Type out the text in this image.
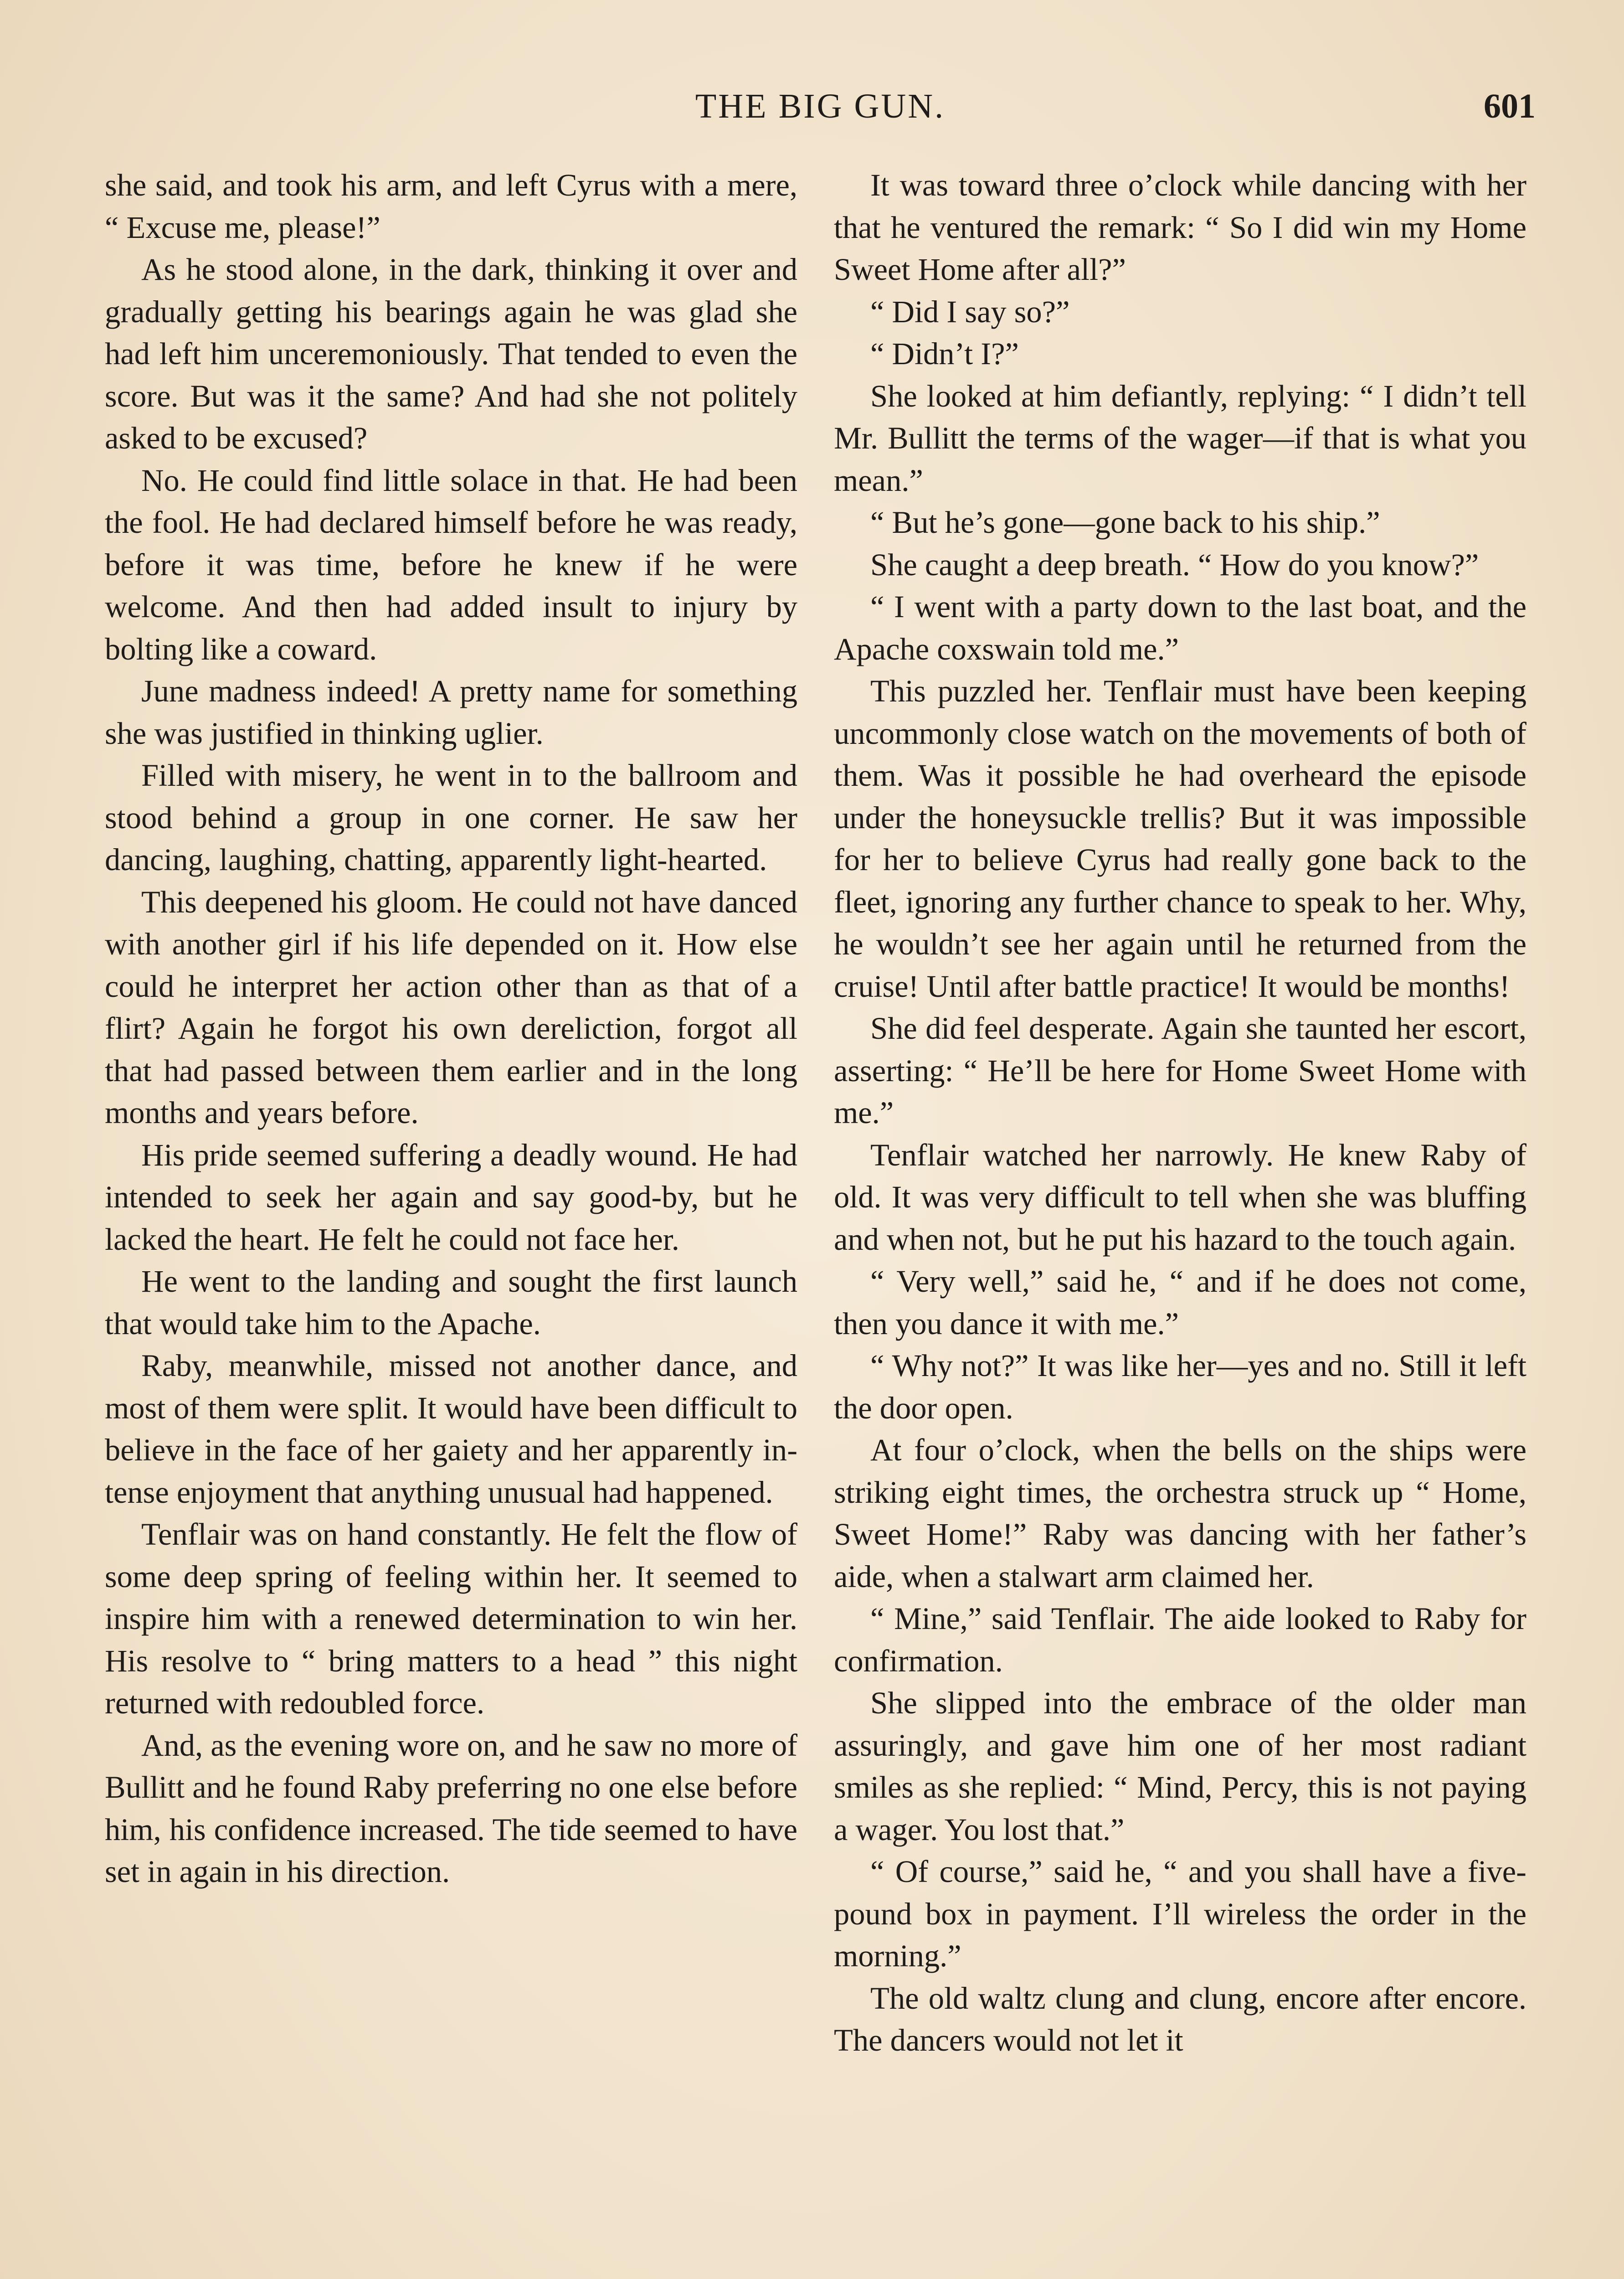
THE BIG GUN.	601

she said, and took his arm, and left Cyrus with a mere, “ Excuse me, please!”

As he stood alone, in the dark, thinking it over and gradually getting his bearings again he was glad she had left him unceremoniously. That tended to even the score. But was it the same? And had she not politely asked to be excused?

No. He could find little solace in that. He had been the fool. He had declared himself before he was ready, before it was time, before he knew if he were welcome. And then had added insult to injury by bolting like a coward.

June madness indeed! A pretty name for something she was justified in thinking uglier.

Filled with misery, he went in to the ballroom and stood behind a group in one corner. He saw her dancing, laughing, chatting, apparently light-hearted.

This deepened his gloom. He could not have danced with another girl if his life depended on it. How else could he interpret her action other than as that of a flirt? Again he forgot his own dereliction, forgot all that had passed between them earlier and in the long months and years before.

His pride seemed suffering a deadly wound. He had intended to seek her again and say good-by, but he lacked the heart. He felt he could not face her.

He went to the landing and sought the first launch that would take him to the Apache.

Raby, meanwhile, missed not another dance, and most of them were split. It would have been difficult to believe in the face of her gaiety and her apparently intense enjoyment that anything unusual had happened.

Tenflair was on hand constantly. He felt the flow of some deep spring of feeling within her. It seemed to inspire him with a renewed determination to win her. His resolve to “ bring matters to a head ” this night returned with redoubled force.

And, as the evening wore on, and he saw no more of Bullitt and he found Raby preferring no one else before him, his confidence increased. The tide seemed to have set in again in his direction.

It was toward three o’clock while dancing with her that he ventured the remark: “ So I did win my Home Sweet Home after all?”

“ Did I say so?”

“ Didn’t I?”

She looked at him defiantly, replying: “ I didn’t tell Mr. Bullitt the terms of the wager—if that is what you mean.”

“ But he’s gone—gone back to his ship.”

She caught a deep breath. “ How do you know?”

“ I went with a party down to the last boat, and the Apache coxswain told me.”

This puzzled her. Tenflair must have been keeping uncommonly close watch on the movements of both of them. Was it possible he had overheard the episode under the honeysuckle trellis? But it was impossible for her to believe Cyrus had really gone back to the fleet, ignoring any further chance to speak to her. Why, he wouldn’t see her again until he returned from the cruise! Until after battle practice! It would be months!

She did feel desperate. Again she taunted her escort, asserting: “ He’ll be here for Home Sweet Home with me.”

Tenflair watched her narrowly. He knew Raby of old. It was very difficult to tell when she was bluffing and when not, but he put his hazard to the touch again.

“ Very well,” said he, “ and if he does not come, then you dance it with me.”

“ Why not?” It was like her—yes and no. Still it left the door open.

At four o’clock, when the bells on the ships were striking eight times, the orchestra struck up “ Home, Sweet Home!” Raby was dancing with her father’s aide, when a stalwart arm claimed her.

“ Mine,” said Tenflair. The aide looked to Raby for confirmation.

She slipped into the embrace of the older man assuringly, and gave him one of her most radiant smiles as she replied: “ Mind, Percy, this is not paying a wager. You lost that.”

“ Of course,” said he, “ and you shall have a five-pound box in payment. I’ll wireless the order in the morning.”

The old waltz clung and clung, encore after encore. The dancers would not let it
